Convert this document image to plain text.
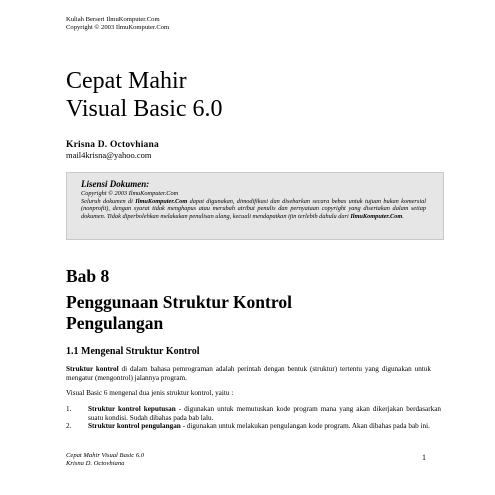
Kuliah Berseri IlmuKomputer.Com
Copyright © 2003 IlmuKomputer.Com
Cepat Mahir
Visual Basic 6.0
Krisna D. Octovhiana
mail4krisna@yahoo.com
Lisensi Dokumen:
Copyright © 2003 IlmuKomputer.Com
Seluruh dokumen di IlmuKomputer.Com dapat digunakan, dimodifikasi dan disebarkan secara bebas untuk tujuan bukan komersial (nonprofit), dengan syarat tidak menghapus atau merubah atribut penulis dan pernyataan copyright yang disertakan dalam setiap dokumen. Tidak diperbolehkan melakukan penulisan ulang, kecuali mendapatkan ijin terlebih dahulu dari IlmuKomputer.Com.
Bab 8
Penggunaan Struktur Kontrol
Pengulangan
1.1 Mengenal Struktur Kontrol
Struktur kontrol di dalam bahasa pemrograman adalah perintah dengan bentuk (struktur) tertentu yang digunakan untuk mengatur (mengontrol) jalannya program.
Visual Basic 6 mengenal dua jenis struktur kontrol, yaitu :
1.	Struktur kontrol keputusan - digunakan untuk memutuskan kode program mana yang akan dikerjakan berdasarkan suatu kondisi. Sudah dibahas pada bab lalu.
2.	Struktur kontrol pengulangan - digunakan untuk melakukan pengulangan kode program. Akan dibahas pada bab ini.
Cepat Mahir Visual Basic 6.0
Krisna D. Octovhiana
1
